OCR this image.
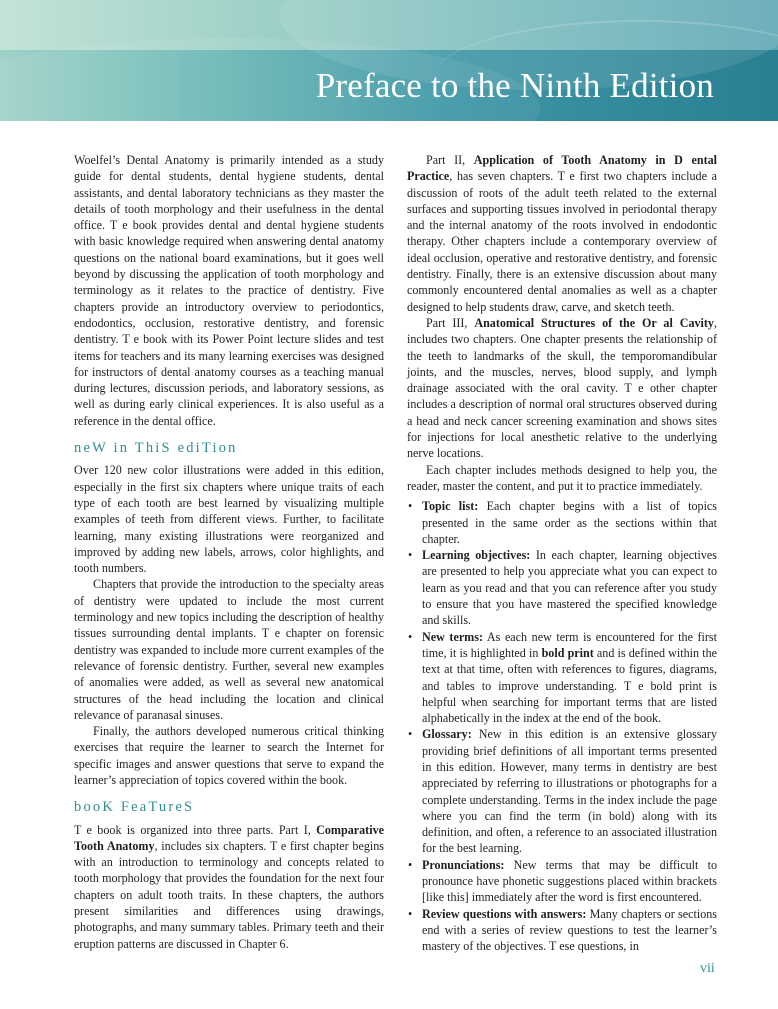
Preface to the Ninth Edition

Woelfel’s Dental Anatomy is primarily intended as a study guide for dental students, dental hygiene students, dental assistants, and dental laboratory technicians as they master the details of tooth morphology and their usefulness in the dental office. T e book provides dental and dental hygiene students with basic knowledge required when answering dental anatomy questions on the national board examinations, but it goes well beyond by discussing the application of tooth morphology and terminology as it relates to the practice of dentistry. Five chapters provide an introductory overview to periodontics, endodontics, occlusion, restorative dentistry, and forensic dentistry. T e book with its Power Point lecture slides and test items for teachers and its many learning exercises was designed for instructors of dental anatomy courses as a teaching manual during lectures, discussion periods, and laboratory sessions, as well as during early clinical experiences. It is also useful as a reference in the dental office.

neW in ThiS ediTion

Over 120 new color illustrations were added in this edition, especially in the first six chapters where unique traits of each type of each tooth are best learned by visualizing multiple examples of teeth from different views. Further, to facilitate learning, many existing illustrations were reorganized and improved by adding new labels, arrows, color highlights, and tooth numbers.

Chapters that provide the introduction to the specialty areas of dentistry were updated to include the most current terminology and new topics including the description of healthy tissues surrounding dental implants. T e chapter on forensic dentistry was expanded to include more current examples of the relevance of forensic dentistry. Further, several new examples of anomalies were added, as well as several new anatomical structures of the head including the location and clinical relevance of paranasal sinuses.

Finally, the authors developed numerous critical thinking exercises that require the learner to search the Internet for specific images and answer questions that serve to expand the learner’s appreciation of topics covered within the book.

booK FeaTureS

T e book is organized into three parts. Part I, Comparative Tooth Anatomy, includes six chapters. T e first chapter begins with an introduction to terminology and concepts related to tooth morphology that provides the foundation for the next four chapters on adult tooth traits. In these chapters, the authors present similarities and differences using drawings, photographs, and many summary tables. Primary teeth and their eruption patterns are discussed in Chapter 6.

Part II, Application of Tooth Anatomy in D ental Practice, has seven chapters. T e first two chapters include a discussion of roots of the adult teeth related to the external surfaces and supporting tissues involved in periodontal therapy and the internal anatomy of the roots involved in endodontic therapy. Other chapters include a contemporary overview of ideal occlusion, operative and restorative dentistry, and forensic dentistry. Finally, there is an extensive discussion about many commonly encountered dental anomalies as well as a chapter designed to help students draw, carve, and sketch teeth.

Part III, Anatomical Structures of the Or al Cavity, includes two chapters. One chapter presents the relationship of the teeth to landmarks of the skull, the temporomandibular joints, and the muscles, nerves, blood supply, and lymph drainage associated with the oral cavity. T e other chapter includes a description of normal oral structures observed during a head and neck cancer screening examination and shows sites for injections for local anesthetic relative to the underlying nerve locations.

Each chapter includes methods designed to help you, the reader, master the content, and put it to practice immediately.

• Topic list: Each chapter begins with a list of topics presented in the same order as the sections within that chapter.
• Learning objectives: In each chapter, learning objectives are presented to help you appreciate what you can expect to learn as you read and that you can reference after you study to ensure that you have mastered the specified knowledge and skills.
• New terms: As each new term is encountered for the first time, it is highlighted in bold print and is defined within the text at that time, often with references to figures, diagrams, and tables to improve understanding. T e bold print is helpful when searching for important terms that are listed alphabetically in the index at the end of the book.
• Glossary: New in this edition is an extensive glossary providing brief definitions of all important terms presented in this edition. However, many terms in dentistry are best appreciated by referring to illustrations or photographs for a complete understanding. Terms in the index include the page where you can find the term (in bold) along with its definition, and often, a reference to an associated illustration for the best learning.
• Pronunciations: New terms that may be difficult to pronounce have phonetic suggestions placed within brackets [like this] immediately after the word is first encountered.
• Review questions with answers: Many chapters or sections end with a series of review questions to test the learner’s mastery of the objectives. T ese questions, in
vii
